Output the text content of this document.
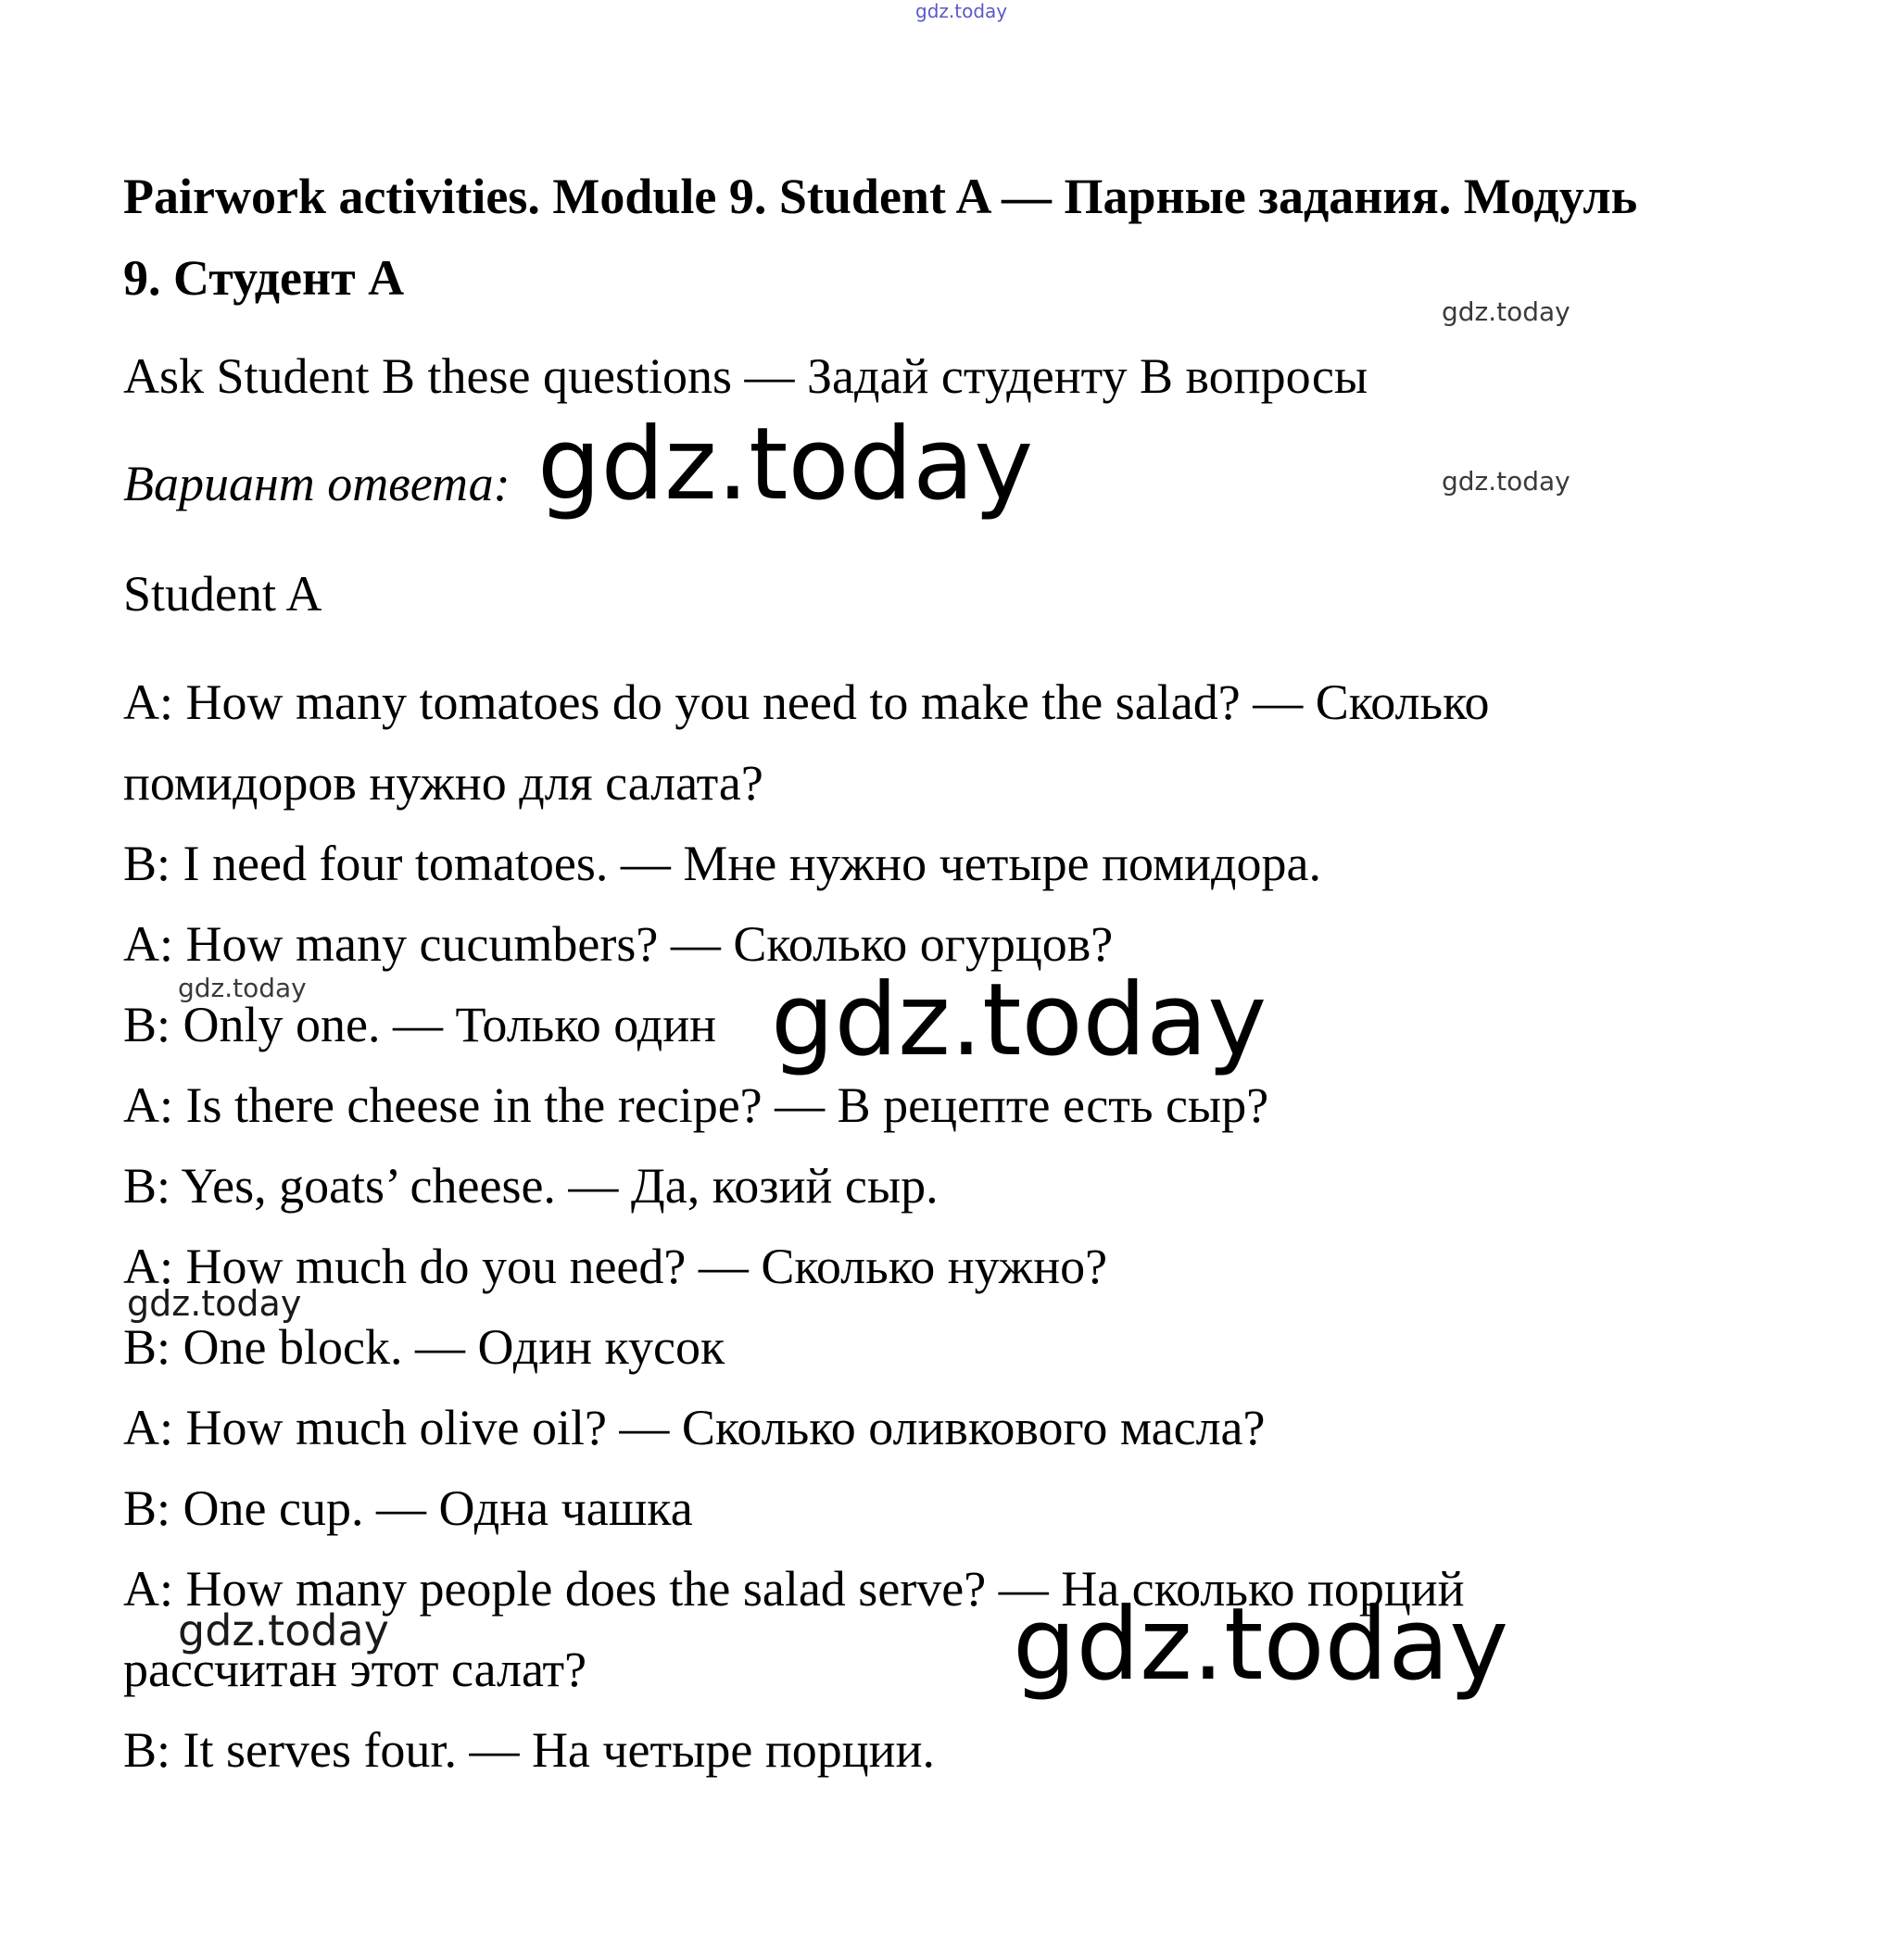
gdz.today

Pairwork activities. Module 9. Student A — Парные задания. Модуль 9. Студент A

gdz.today

Ask Student B these questions — Задай студенту В вопросы

gdz.today

Вариант ответа: gdz.today

Student A

A: How many tomatoes do you need to make the salad? — Сколько

помидоров нужно для салата?

B: I need four tomatoes. — Мне нужно четыре помидора.

A: How many cucumbers? — Сколько огурцов?

gdz.today

B: Only one. — Только один gdz.today

A: Is there cheese in the recipe? — В рецепте есть сыр?

B: Yes, goats’ cheese. — Да, козий сыр.

A: How much do you need? — Сколько нужно?

gdz.today

B: One block. — Один кусок

A: How much olive oil? — Сколько оливкового масла?

B: One cup. — Одна чашка

A: How many people does the salad serve? — На сколько порций

gdz.today

рассчитан этот салат?	gdz.today

B: It serves four. — На четыре порции.
